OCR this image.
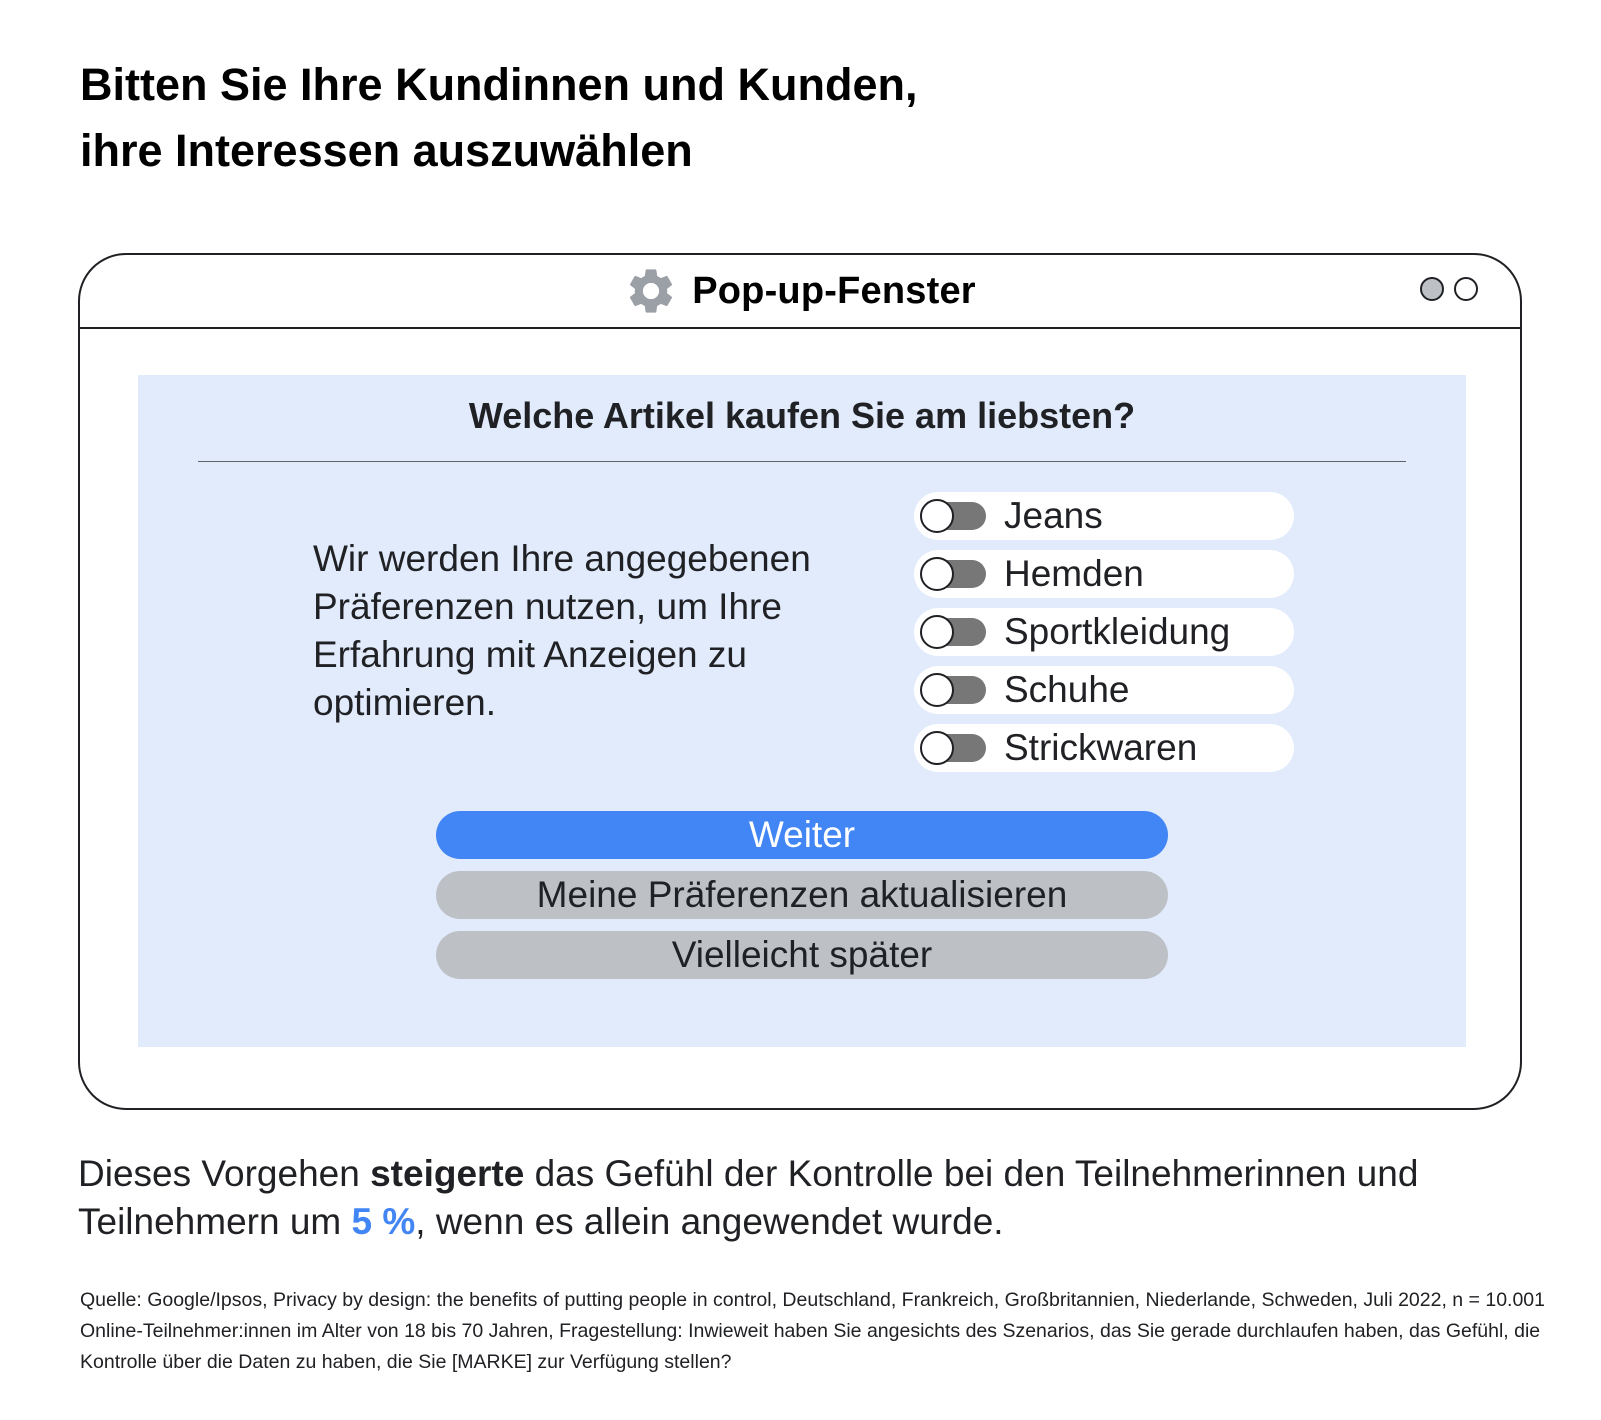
Bitten Sie Ihre Kundinnen und Kunden,
ihre Interessen auszuwählen
Pop-up-Fenster
Welche Artikel kaufen Sie am liebsten?

Wir werden Ihre angegebenen Präferenzen nutzen, um Ihre Erfahrung mit Anzeigen zu optimieren.

Jeans
Hemden
Sportkleidung
Schuhe
Strickwaren
Weiter
Meine Präferenzen aktualisieren
Vielleicht später

Dieses Vorgehen steigerte das Gefühl der Kontrolle bei den Teilnehmerinnen und Teilnehmern um 5 %, wenn es allein angewendet wurde.

Quelle: Google/Ipsos, Privacy by design: the benefits of putting people in control, Deutschland, Frankreich, Großbritannien, Niederlande, Schweden, Juli 2022, n = 10.001 Online-Teilnehmer:innen im Alter von 18 bis 70 Jahren, Fragestellung: Inwieweit haben Sie angesichts des Szenarios, das Sie gerade durchlaufen haben, das Gefühl, die Kontrolle über die Daten zu haben, die Sie [MARKE] zur Verfügung stellen?
